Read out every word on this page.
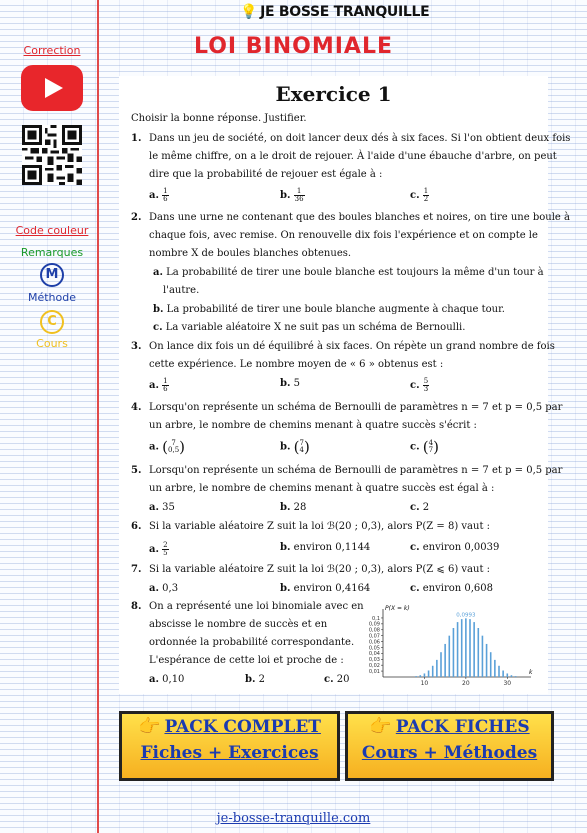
💡 JE BOSSE TRANQUILLE
LOI BINOMIALE
Correction
Code couleur
Remarques
M
Méthode
C
Cours
Exercice 1
Choisir la bonne réponse. Justifier.
1. Dans un jeu de société, on doit lancer deux dés à six faces. Si l'on obtient deux fois
le même chiffre, on a le droit de rejouer. À l'aide d'une ébauche d'arbre, on peut
dire que la probabilité de rejouer est égale à :
a. $\frac{1}{6}$	b. $\frac{1}{36}$	c. $\frac{1}{2}$
2. Dans une urne ne contenant que des boules blanches et noires, on tire une boule à
chaque fois, avec remise. On renouvelle dix fois l'expérience et on compte le
nombre X de boules blanches obtenues.
a. La probabilité de tirer une boule blanche est toujours la même d'un tour à
l'autre.
b. La probabilité de tirer une boule blanche augmente à chaque tour.
c. La variable aléatoire X ne suit pas un schéma de Bernoulli.
3. On lance dix fois un dé équilibré à six faces. On répète un grand nombre de fois
cette expérience. Le nombre moyen de « 6 » obtenus est :
a. $\frac{1}{6}$	b. 5	c. $\frac{5}{3}$
4. Lorsqu'on représente un schéma de Bernoulli de paramètres n = 7 et p = 0,5 par
un arbre, le nombre de chemins menant à quatre succès s'écrit :
a. ( 7
0,5 )	b. ( 7
4 )	c. ( 4
7 )
5. Lorsqu'on représente un schéma de Bernoulli de paramètres n = 7 et p = 0,5 par
un arbre, le nombre de chemins menant à quatre succès est égal à :
a. 35	b. 28	c. 2
6. Si la variable aléatoire Z suit la loi ℬ(20 ; 0,3), alors P(Z = 8) vaut :
a. $\frac{2}{5}$	b. environ 0,1144	c. environ 0,0039
7. Si la variable aléatoire Z suit la loi ℬ(20 ; 0,3), alors P(Z ⩽ 6) vaut :
a. 0,3	b. environ 0,4164	c. environ 0,608
8. On a représenté une loi binomiale avec en
abscisse le nombre de succès et en
ordonnée la probabilité correspondante.
L'espérance de cette loi et proche de :
a. 0,10	b. 2	c. 20
0,1
0,09
0,08
0,07
0,06
0,05
0,04
0,03
0,02
0,01
10	20	30
P(X = k)
k
0,0993
👉 PACK COMPLET
Fiches + Exercices
👉 PACK FICHES
Cours + Méthodes
je-bosse-tranquille.com
